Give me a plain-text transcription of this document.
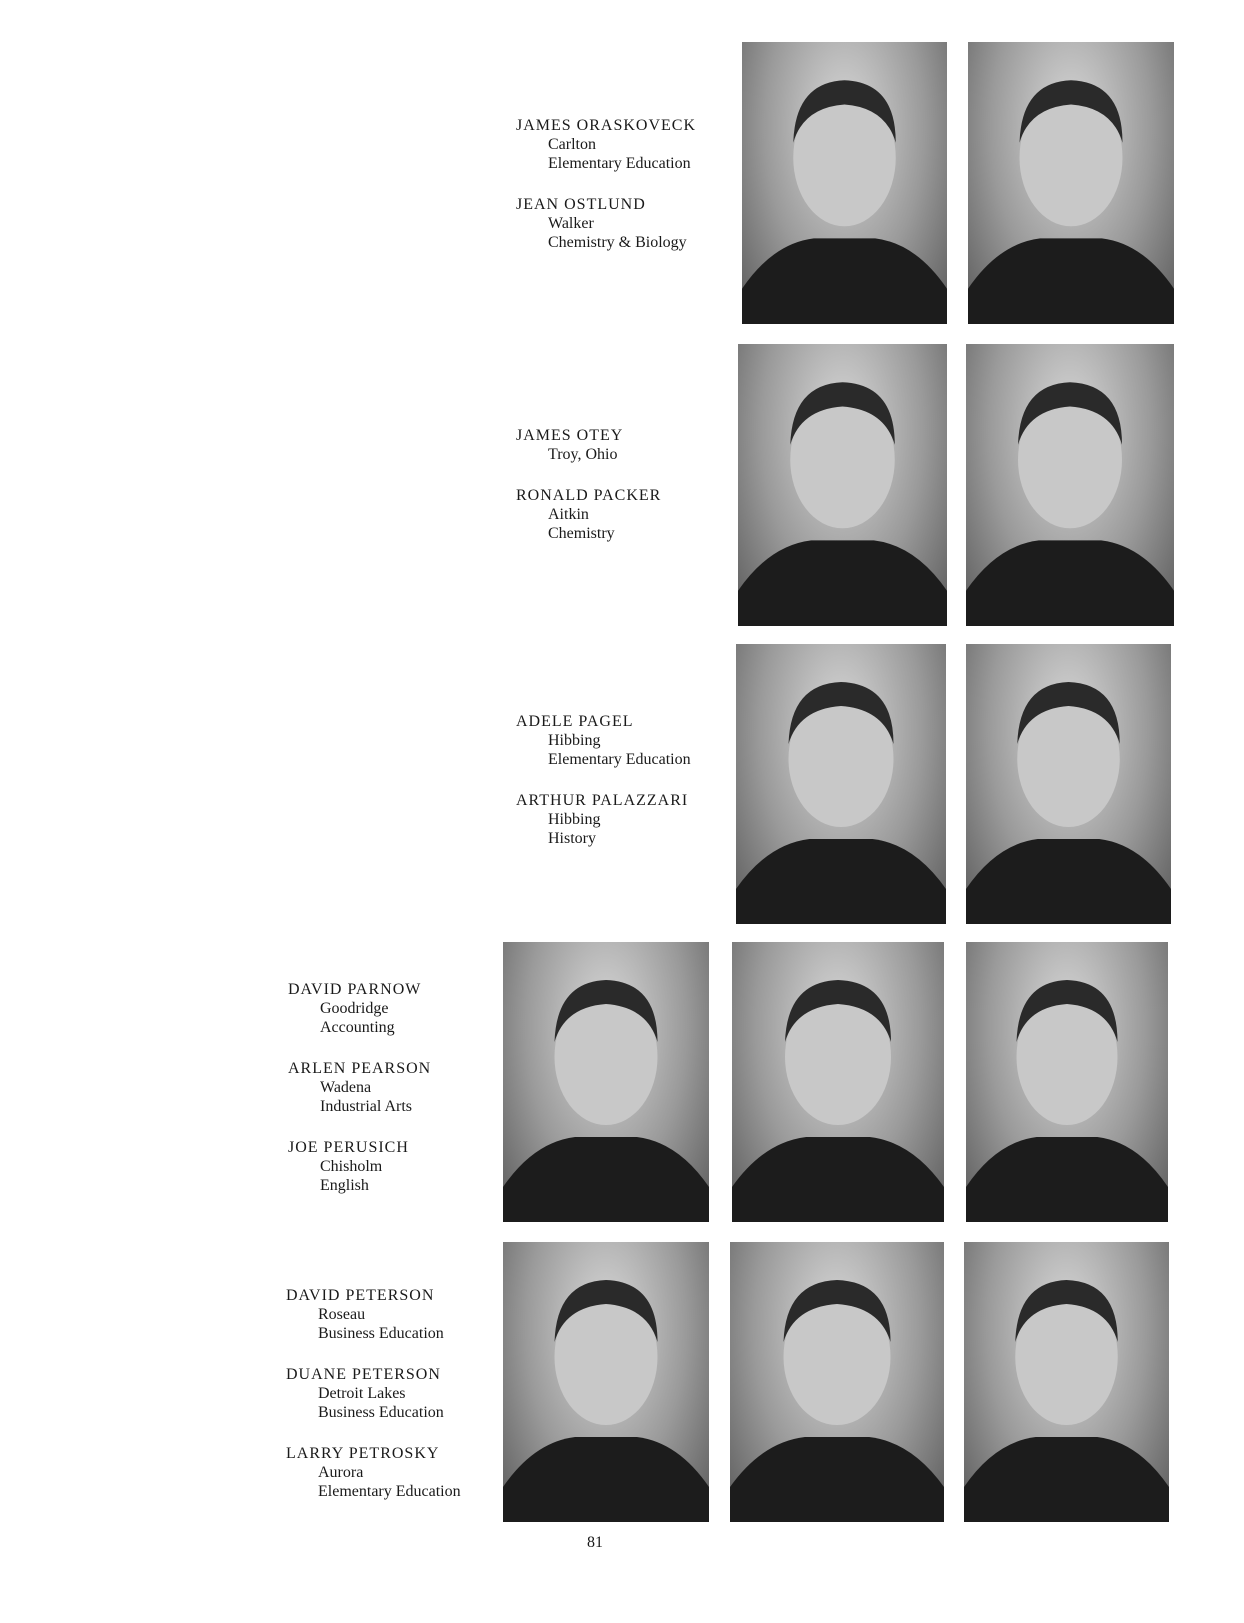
JAMES ORASKOVECK
Carlton
Elementary Education
JEAN OSTLUND
Walker
Chemistry & Biology
JAMES OTEY
Troy, Ohio
RONALD PACKER
Aitkin
Chemistry
ADELE PAGEL
Hibbing
Elementary Education
ARTHUR PALAZZARI
Hibbing
History
DAVID PARNOW
Goodridge
Accounting
ARLEN PEARSON
Wadena
Industrial Arts
JOE PERUSICH
Chisholm
English
DAVID PETERSON
Roseau
Business Education
DUANE PETERSON
Detroit Lakes
Business Education
LARRY PETROSKY
Aurora
Elementary Education
81
